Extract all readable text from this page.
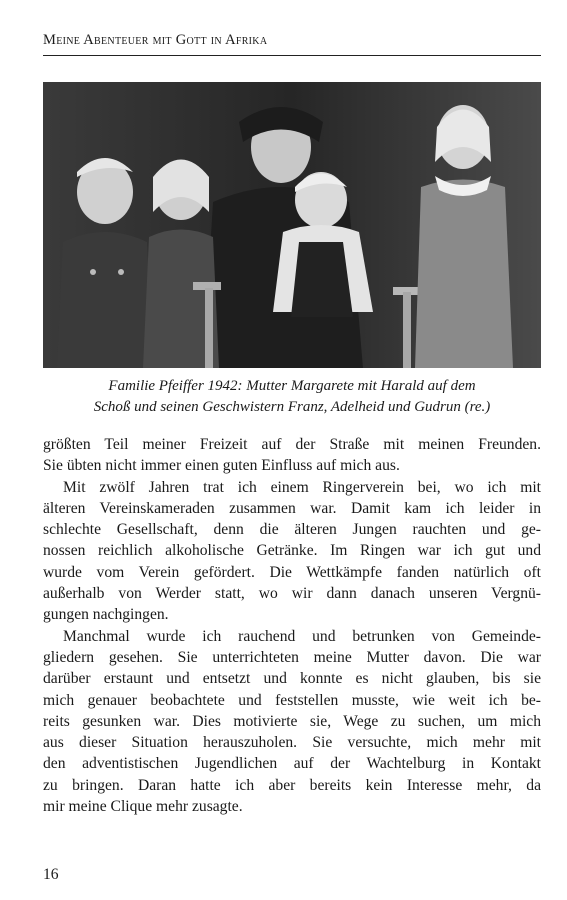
Meine Abenteuer mit Gott in Afrika
Familie Pfeiffer 1942: Mutter Margarete mit Harald auf dem
Schoß und seinen Geschwistern Franz, Adelheid und Gudrun (re.)
größten Teil meiner Freizeit auf der Straße mit meinen Freunden.
Sie übten nicht immer einen guten Einfluss auf mich aus.
Mit zwölf Jahren trat ich einem Ringerverein bei, wo ich mit
älteren Vereinskameraden zusammen war. Damit kam ich leider in
schlechte Gesellschaft, denn die älteren Jungen rauchten und ge-
nossen reichlich alkoholische Getränke. Im Ringen war ich gut und
wurde vom Verein gefördert. Die Wettkämpfe fanden natürlich oft
außerhalb von Werder statt, wo wir dann danach unseren Vergnü-
gungen nachgingen.
Manchmal wurde ich rauchend und betrunken von Gemeinde-
gliedern gesehen. Sie unterrichteten meine Mutter davon. Die war
darüber erstaunt und entsetzt und konnte es nicht glauben, bis sie
mich genauer beobachtete und feststellen musste, wie weit ich be-
reits gesunken war. Dies motivierte sie, Wege zu suchen, um mich
aus dieser Situation herauszuholen. Sie versuchte, mich mehr mit
den adventistischen Jugendlichen auf der Wachtelburg in Kontakt
zu bringen. Daran hatte ich aber bereits kein Interesse mehr, da
mir meine Clique mehr zusagte.
16
